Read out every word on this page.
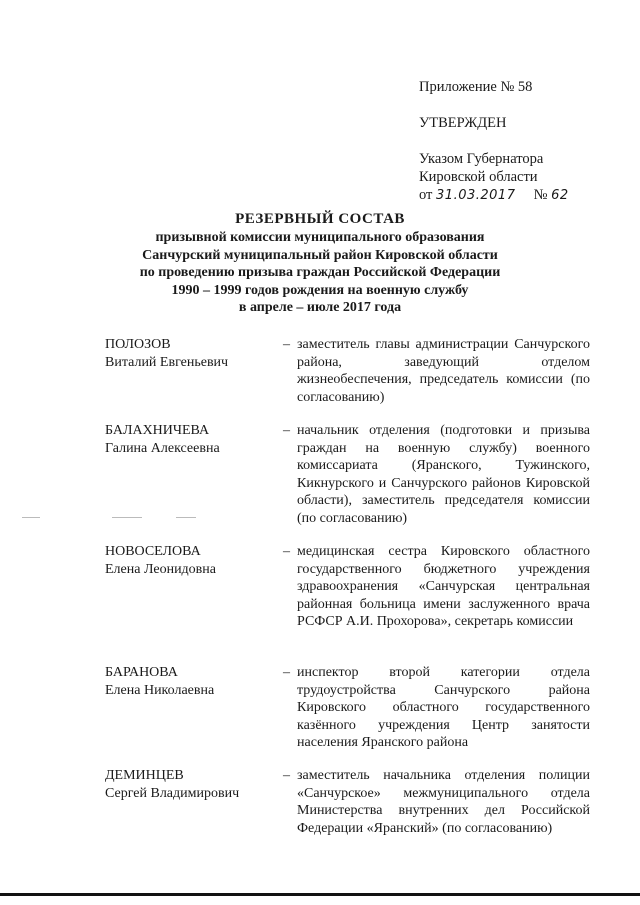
Приложение № 58
УТВЕРЖДЕН
Указом Губернатора
Кировской области
от 31.03.2017 № 62
РЕЗЕРВНЫЙ СОСТАВ
призывной комиссии муниципального образования
Санчурский муниципальный район Кировской области
по проведению призыва граждан Российской Федерации
1990 – 1999 годов рождения на военную службу
в апреле – июле 2017 года
ПОЛОЗОВ
Виталий Евгеньевич
– заместитель главы администрации Санчурского района, заведующий отделом жизнеобеспечения, председатель комиссии (по согласованию)
БАЛАХНИЧЕВА
Галина Алексеевна
– начальник отделения (подготовки и призыва граждан на военную службу) военного комиссариата (Яранского, Тужинского, Кикнурского и Санчурского районов Кировской области), заместитель председателя комиссии (по согласованию)
НОВОСЕЛОВА
Елена Леонидовна
– медицинская сестра Кировского областного государственного бюджетного учреждения здравоохранения «Санчурская центральная районная больница имени заслуженного врача РСФСР А.И. Прохорова», секретарь комиссии
БАРАНОВА
Елена Николаевна
– инспектор второй категории отдела трудоустройства Санчурского района Кировского областного государственного казённого учреждения Центр занятости населения Яранского района
ДЕМИНЦЕВ
Сергей Владимирович
– заместитель начальника отделения полиции «Санчурское» межмуниципального отдела Министерства внутренних дел Российской Федерации «Яранский» (по согласованию)
